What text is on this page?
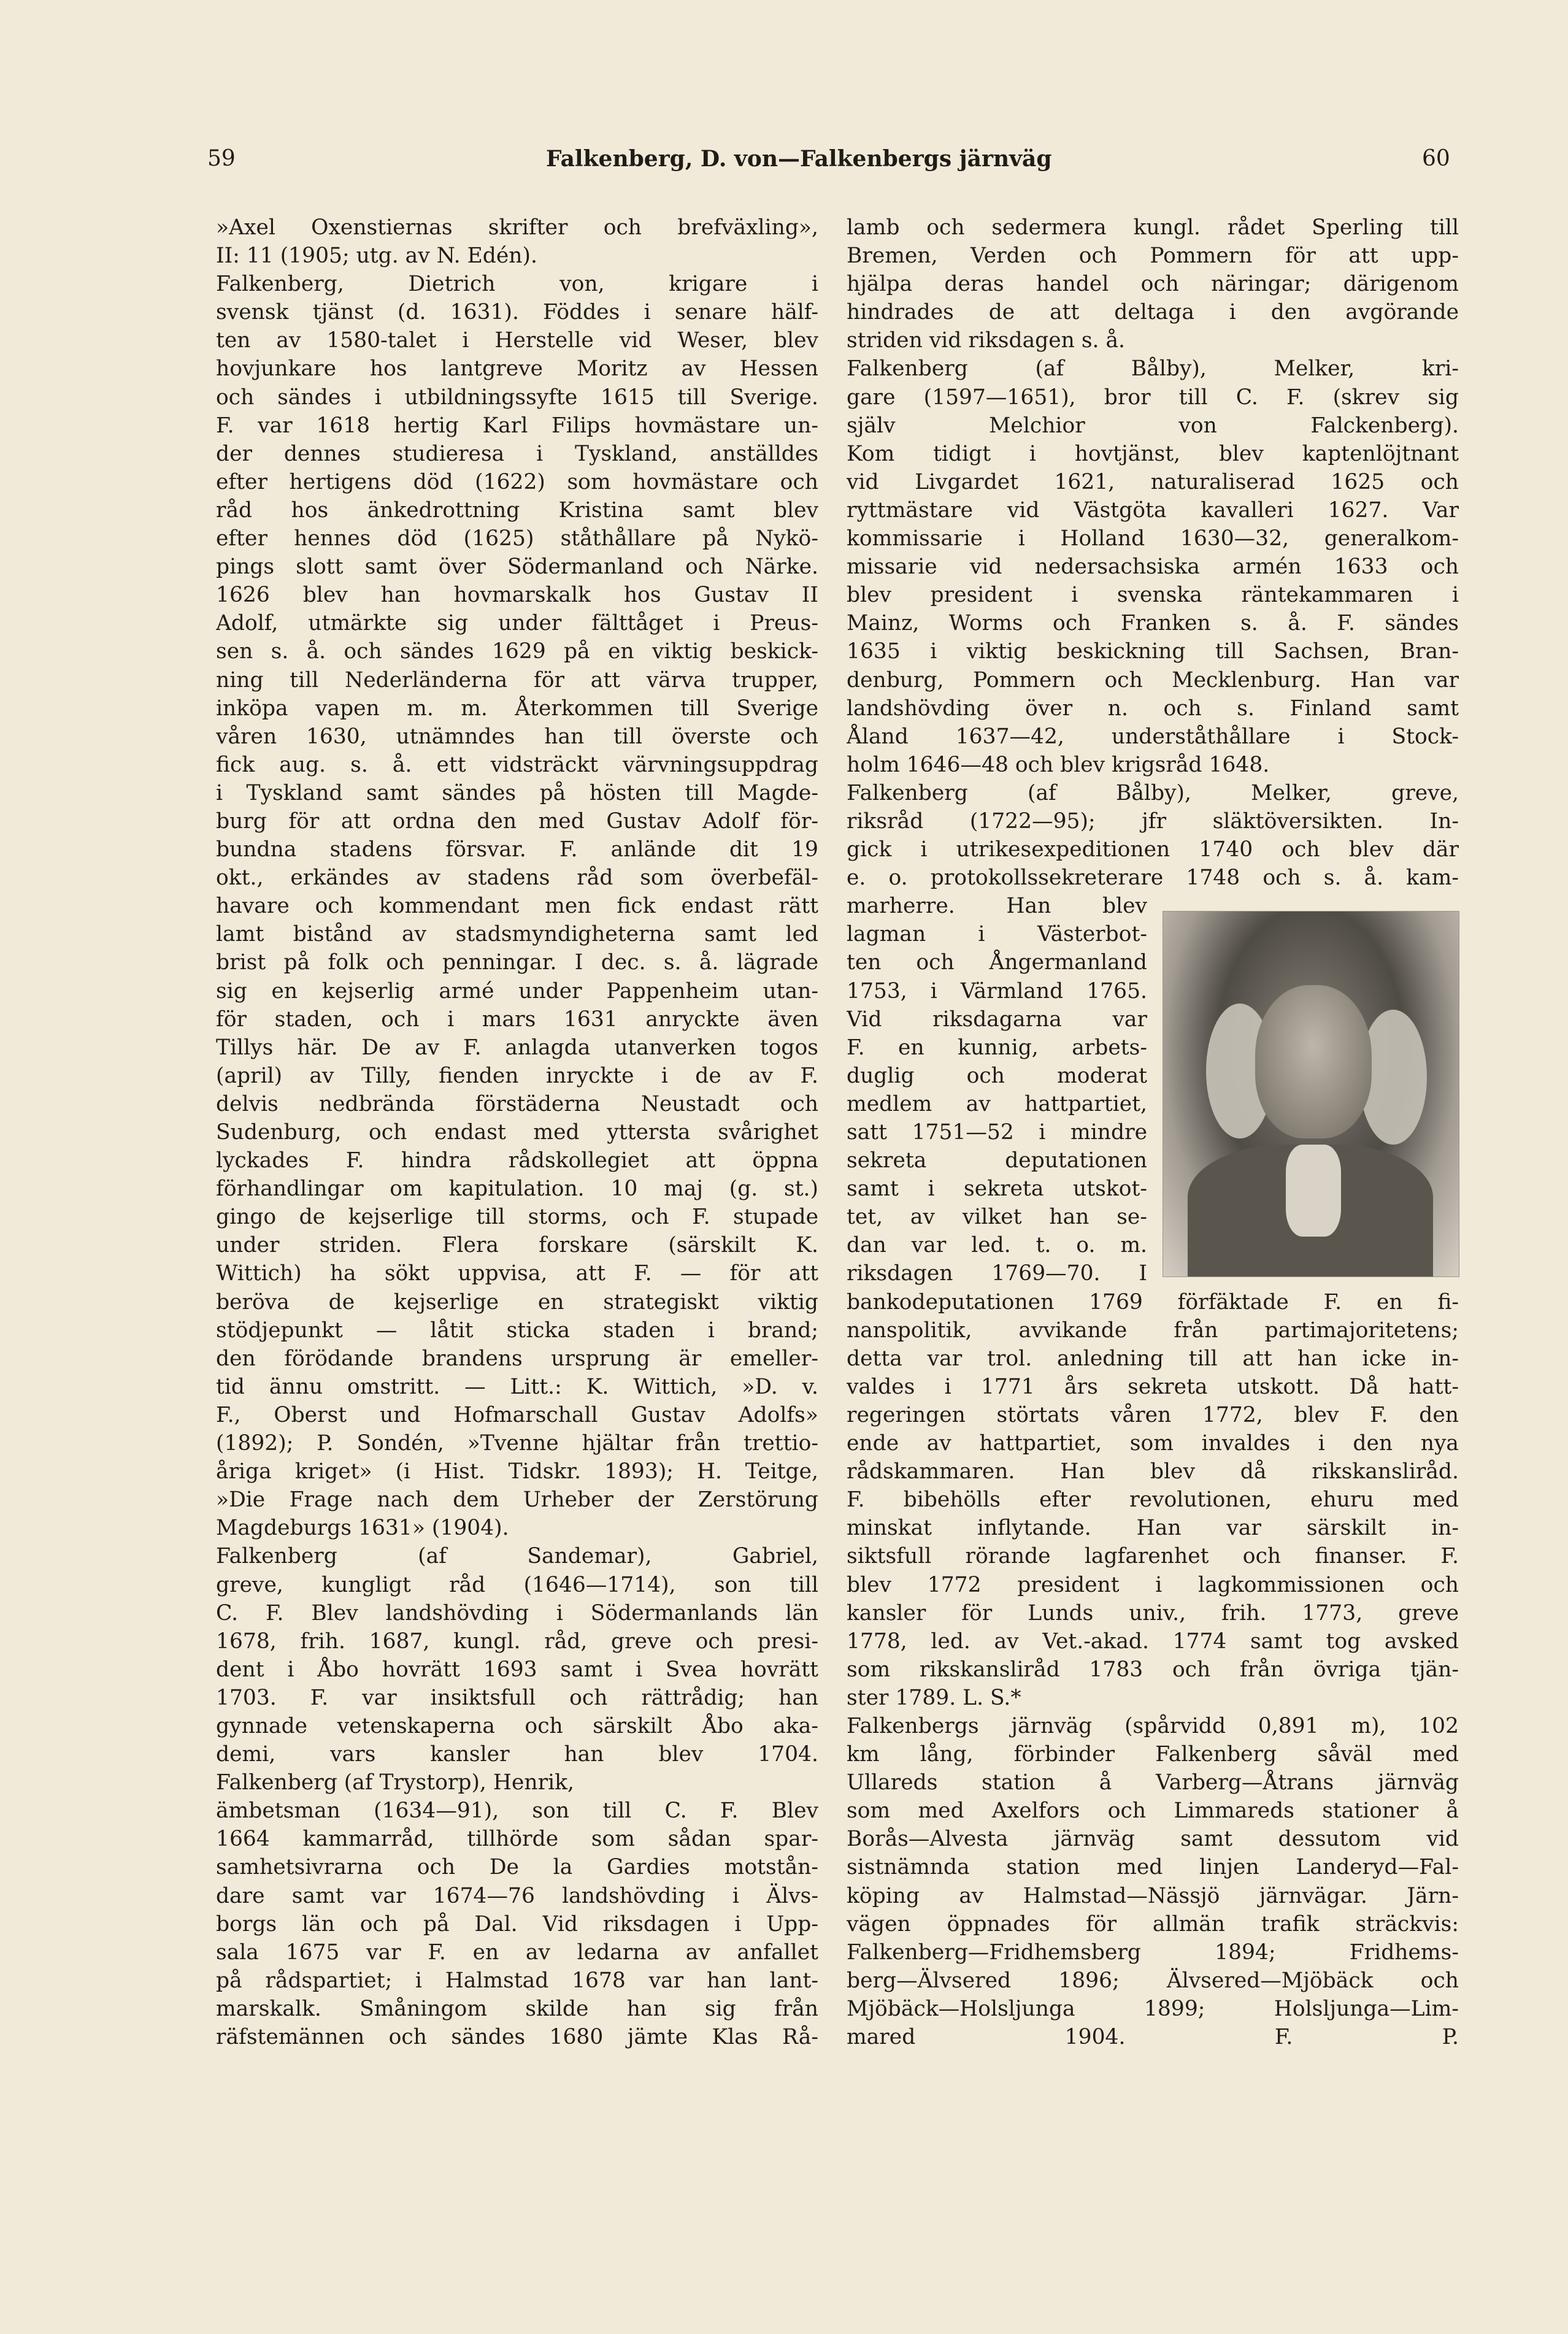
59	Falkenberg, D. von—Falkenbergs järnväg	60
»Axel Oxenstiernas skrifter och brefväxling»,
II: 11 (1905; utg. av N. Edén).
Falkenberg, Dietrich von, krigare i
svensk tjänst (d. 1631). Föddes i senare hälf-
ten av 1580-talet i Herstelle vid Weser, blev
hovjunkare hos lantgreve Moritz av Hessen
och sändes i utbildningssyfte 1615 till Sverige.
F. var 1618 hertig Karl Filips hovmästare un-
der dennes studieresa i Tyskland, anställdes
efter hertigens död (1622) som hovmästare och
råd hos änkedrottning Kristina samt blev
efter hennes död (1625) ståthållare på Nykö-
pings slott samt över Södermanland och Närke.
1626 blev han hovmarskalk hos Gustav II
Adolf, utmärkte sig under fälttåget i Preus-
sen s. å. och sändes 1629 på en viktig beskick-
ning till Nederländerna för att värva trupper,
inköpa vapen m. m. Återkommen till Sverige
våren 1630, utnämndes han till överste och
fick aug. s. å. ett vidsträckt värvningsuppdrag
i Tyskland samt sändes på hösten till Magde-
burg för att ordna den med Gustav Adolf för-
bundna stadens försvar. F. anlände dit 19
okt., erkändes av stadens råd som överbefäl-
havare och kommendant men fick endast rätt
lamt bistånd av stadsmyndigheterna samt led
brist på folk och penningar. I dec. s. å. lägrade
sig en kejserlig armé under Pappenheim utan-
för staden, och i mars 1631 anryckte även
Tillys här. De av F. anlagda utanverken togos
(april) av Tilly, fienden inryckte i de av F.
delvis nedbrända förstäderna Neustadt och
Sudenburg, och endast med yttersta svårighet
lyckades F. hindra rådskollegiet att öppna
förhandlingar om kapitulation. 10 maj (g. st.)
gingo de kejserlige till storms, och F. stupade
under striden. Flera forskare (särskilt K.
Wittich) ha sökt uppvisa, att F. — för att
beröva de kejserlige en strategiskt viktig
stödjepunkt — låtit sticka staden i brand;
den förödande brandens ursprung är emeller-
tid ännu omstritt. — Litt.: K. Wittich, »D. v.
F., Oberst und Hofmarschall Gustav Adolfs»
(1892); P. Sondén, »Tvenne hjältar från trettio-
åriga kriget» (i Hist. Tidskr. 1893); H. Teitge,
»Die Frage nach dem Urheber der Zerstörung
Magdeburgs 1631» (1904).
Falkenberg (af Sandemar), Gabriel,
greve, kungligt råd (1646—1714), son till
C. F. Blev landshövding i Södermanlands län
1678, frih. 1687, kungl. råd, greve och presi-
dent i Åbo hovrätt 1693 samt i Svea hovrätt
1703. F. var insiktsfull och rättrådig; han
gynnade vetenskaperna och särskilt Åbo aka-
demi, vars kansler han blev 1704.
Falkenberg (af Trystorp), Henrik,
ämbetsman (1634—91), son till C. F. Blev
1664 kammarråd, tillhörde som sådan spar-
samhetsivrarna och De la Gardies motstån-
dare samt var 1674—76 landshövding i Älvs-
borgs län och på Dal. Vid riksdagen i Upp-
sala 1675 var F. en av ledarna av anfallet
på rådspartiet; i Halmstad 1678 var han lant-
marskalk. Småningom skilde han sig från
räfstemännen och sändes 1680 jämte Klas Rå-
lamb och sedermera kungl. rådet Sperling till
Bremen, Verden och Pommern för att upp-
hjälpa deras handel och näringar; därigenom
hindrades de att deltaga i den avgörande
striden vid riksdagen s. å.
Falkenberg (af Bålby), Melker, kri-
gare (1597—1651), bror till C. F. (skrev sig
själv Melchior von Falckenberg).
Kom tidigt i hovtjänst, blev kaptenlöjtnant
vid Livgardet 1621, naturaliserad 1625 och
ryttmästare vid Västgöta kavalleri 1627. Var
kommissarie i Holland 1630—32, generalkom-
missarie vid nedersachsiska armén 1633 och
blev president i svenska räntekammaren i
Mainz, Worms och Franken s. å. F. sändes
1635 i viktig beskickning till Sachsen, Bran-
denburg, Pommern och Mecklenburg. Han var
landshövding över n. och s. Finland samt
Åland 1637—42, underståthållare i Stock-
holm 1646—48 och blev krigsråd 1648.
Falkenberg (af Bålby), Melker, greve,
riksråd (1722—95); jfr släktöversikten. In-
gick i utrikesexpeditionen 1740 och blev där
e. o. protokollssekreterare 1748 och s. å. kam-
marherre. Han blev
lagman i Västerbot-
ten och Ångermanland
1753, i Värmland 1765.
Vid riksdagarna var
F. en kunnig, arbets-
duglig och moderat
medlem av hattpartiet,
satt 1751—52 i mindre
sekreta deputationen
samt i sekreta utskot-
tet, av vilket han se-
dan var led. t. o. m.
riksdagen 1769—70. I
bankodeputationen 1769 förfäktade F. en fi-
nanspolitik, avvikande från partimajoritetens;
detta var trol. anledning till att han icke in-
valdes i 1771 års sekreta utskott. Då hatt-
regeringen störtats våren 1772, blev F. den
ende av hattpartiet, som invaldes i den nya
rådskammaren. Han blev då rikskansliråd.
F. bibehölls efter revolutionen, ehuru med
minskat inflytande. Han var särskilt in-
siktsfull rörande lagfarenhet och finanser. F.
blev 1772 president i lagkommissionen och
kansler för Lunds univ., frih. 1773, greve
1778, led. av Vet.-akad. 1774 samt tog avsked
som rikskansliråd 1783 och från övriga tjän-
ster 1789. L. S.*
Falkenbergs järnväg (spårvidd 0,891 m), 102
km lång, förbinder Falkenberg såväl med
Ullareds station å Varberg—Åtrans järnväg
som med Axelfors och Limmareds stationer å
Borås—Alvesta järnväg samt dessutom vid
sistnämnda station med linjen Landeryd—Fal-
köping av Halmstad—Nässjö järnvägar. Järn-
vägen öppnades för allmän trafik sträckvis:
Falkenberg—Fridhemsberg 1894; Fridhems-
berg—Älvsered 1896; Älvsered—Mjöbäck och
Mjöbäck—Holsljunga 1899; Holsljunga—Lim-
mared 1904. F. P.
